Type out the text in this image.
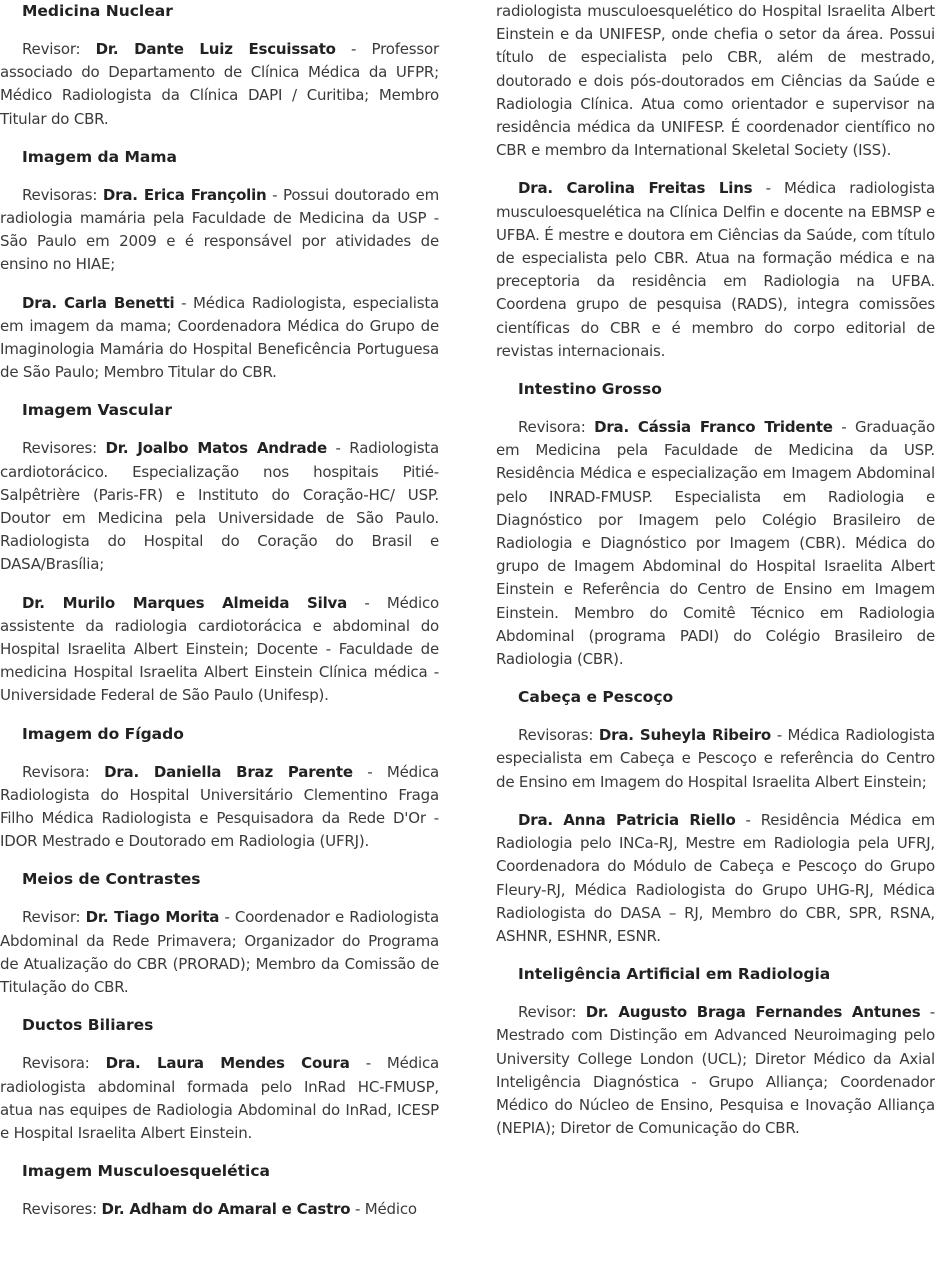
Medicina Nuclear

Revisor: Dr. Dante Luiz Escuissato - Professor associado do Departamento de Clínica Médica da UFPR; Médico Radiologista da Clínica DAPI / Curitiba; Membro Titular do CBR.

Imagem da Mama

Revisoras: Dra. Erica Françolin - Possui doutorado em radiologia mamária pela Faculdade de Medicina da USP - São Paulo em 2009 e é responsável por atividades de ensino no HIAE;

Dra. Carla Benetti - Médica Radiologista, especialista em imagem da mama; Coordenadora Médica do Grupo de Imaginologia Mamária do Hospital Beneficência Portuguesa de São Paulo; Membro Titular do CBR.

Imagem Vascular

Revisores: Dr. Joalbo Matos Andrade - Radiologista cardiotorácico. Especialização nos hospitais Pitié-Salpêtrière (Paris-FR) e Instituto do Coração-HC/ USP. Doutor em Medicina pela Universidade de São Paulo. Radiologista do Hospital do Coração do Brasil e DASA/Brasília;

Dr. Murilo Marques Almeida Silva - Médico assistente da radiologia cardiotorácica e abdominal do Hospital Israelita Albert Einstein; Docente - Faculdade de medicina Hospital Israelita Albert Einstein Clínica médica - Universidade Federal de São Paulo (Unifesp).

Imagem do Fígado

Revisora: Dra. Daniella Braz Parente - Médica Radiologista do Hospital Universitário Clementino Fraga Filho Médica Radiologista e Pesquisadora da Rede D'Or - IDOR Mestrado e Doutorado em Radiologia (UFRJ).

Meios de Contrastes

Revisor: Dr. Tiago Morita - Coordenador e Radiologista Abdominal da Rede Primavera; Organizador do Programa de Atualização do CBR (PRORAD); Membro da Comissão de Titulação do CBR.

Ductos Biliares

Revisora: Dra. Laura Mendes Coura - Médica radiologista abdominal formada pelo InRad HC-FMUSP, atua nas equipes de Radiologia Abdominal do InRad, ICESP e Hospital Israelita Albert Einstein.

Imagem Musculoesquelética

Revisores: Dr. Adham do Amaral e Castro - Médico

radiologista musculoesquelético do Hospital Israelita Albert Einstein e da UNIFESP, onde chefia o setor da área. Possui título de especialista pelo CBR, além de mestrado, doutorado e dois pós-doutorados em Ciências da Saúde e Radiologia Clínica. Atua como orientador e supervisor na residência médica da UNIFESP. É coordenador científico no CBR e membro da International Skeletal Society (ISS).

Dra. Carolina Freitas Lins - Médica radiologista musculoesquelética na Clínica Delfin e docente na EBMSP e UFBA. É mestre e doutora em Ciências da Saúde, com título de especialista pelo CBR. Atua na formação médica e na preceptoria da residência em Radiologia na UFBA. Coordena grupo de pesquisa (RADS), integra comissões científicas do CBR e é membro do corpo editorial de revistas internacionais.

Intestino Grosso

Revisora: Dra. Cássia Franco Tridente - Graduação em Medicina pela Faculdade de Medicina da USP. Residência Médica e especialização em Imagem Abdominal pelo INRAD-FMUSP. Especialista em Radiologia e Diagnóstico por Imagem pelo Colégio Brasileiro de Radiologia e Diagnóstico por Imagem (CBR). Médica do grupo de Imagem Abdominal do Hospital Israelita Albert Einstein e Referência do Centro de Ensino em Imagem Einstein. Membro do Comitê Técnico em Radiologia Abdominal (programa PADI) do Colégio Brasileiro de Radiologia (CBR).

Cabeça e Pescoço

Revisoras: Dra. Suheyla Ribeiro - Médica Radiologista especialista em Cabeça e Pescoço e referência do Centro de Ensino em Imagem do Hospital Israelita Albert Einstein;

Dra. Anna Patricia Riello - Residência Médica em Radiologia pelo INCa-RJ, Mestre em Radiologia pela UFRJ, Coordenadora do Módulo de Cabeça e Pescoço do Grupo Fleury-RJ, Médica Radiologista do Grupo UHG-RJ, Médica Radiologista do DASA – RJ, Membro do CBR, SPR, RSNA, ASHNR, ESHNR, ESNR.

Inteligência Artificial em Radiologia

Revisor: Dr. Augusto Braga Fernandes Antunes - Mestrado com Distinção em Advanced Neuroimaging pelo University College London (UCL); Diretor Médico da Axial Inteligência Diagnóstica - Grupo Alliança; Coordenador Médico do Núcleo de Ensino, Pesquisa e Inovação Alliança (NEPIA); Diretor de Comunicação do CBR.
